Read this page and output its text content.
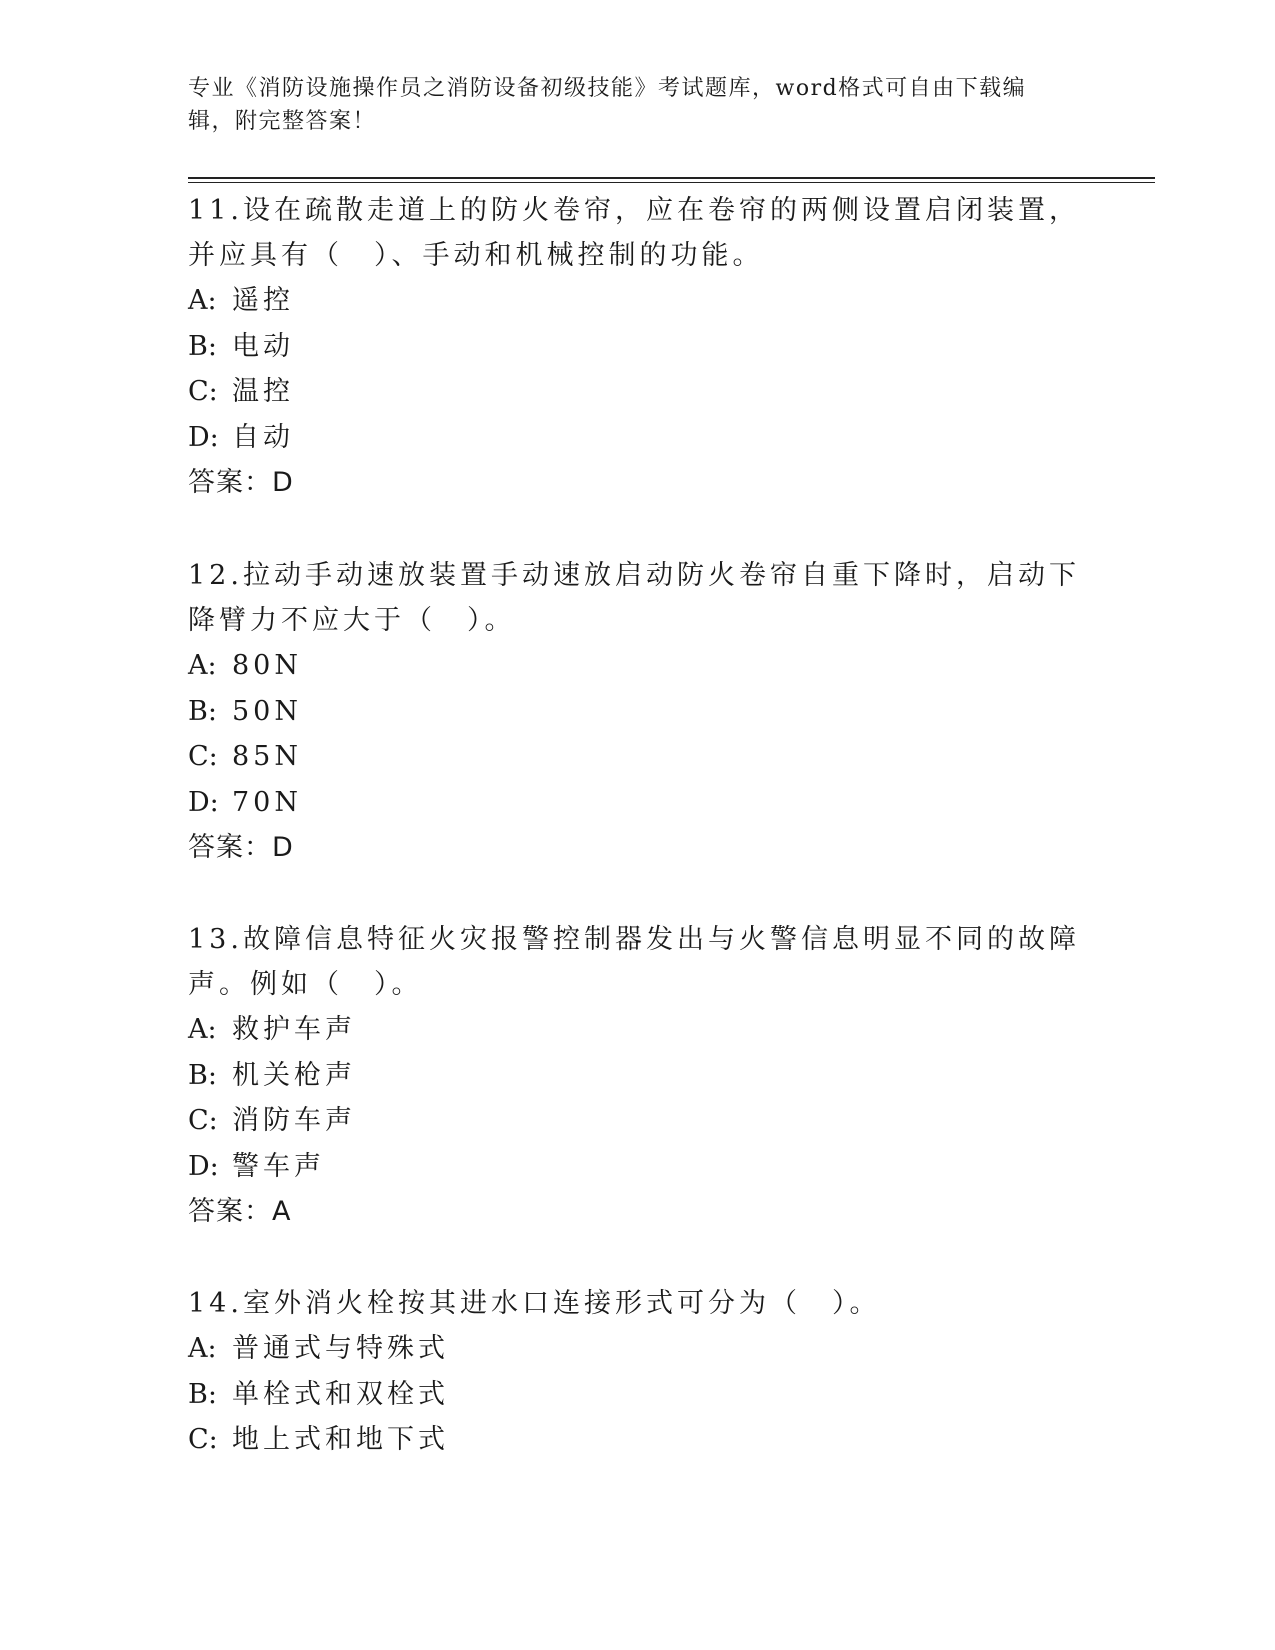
专业《消防设施操作员之消防设备初级技能》考试题库，word格式可自由下载编辑，附完整答案！
11.设在疏散走道上的防火卷帘，应在卷帘的两侧设置启闭装置，并应具有（　）、手动和机械控制的功能。
A: 遥控
B: 电动
C: 温控
D: 自动
答案：D
12.拉动手动速放装置手动速放启动防火卷帘自重下降时，启动下降臂力不应大于（　）。
A: 80N
B: 50N
C: 85N
D: 70N
答案：D
13.故障信息特征火灾报警控制器发出与火警信息明显不同的故障声。例如（　）。
A: 救护车声
B: 机关枪声
C: 消防车声
D: 警车声
答案：A
14.室外消火栓按其进水口连接形式可分为（　）。
A: 普通式与特殊式
B: 单栓式和双栓式
C: 地上式和地下式
